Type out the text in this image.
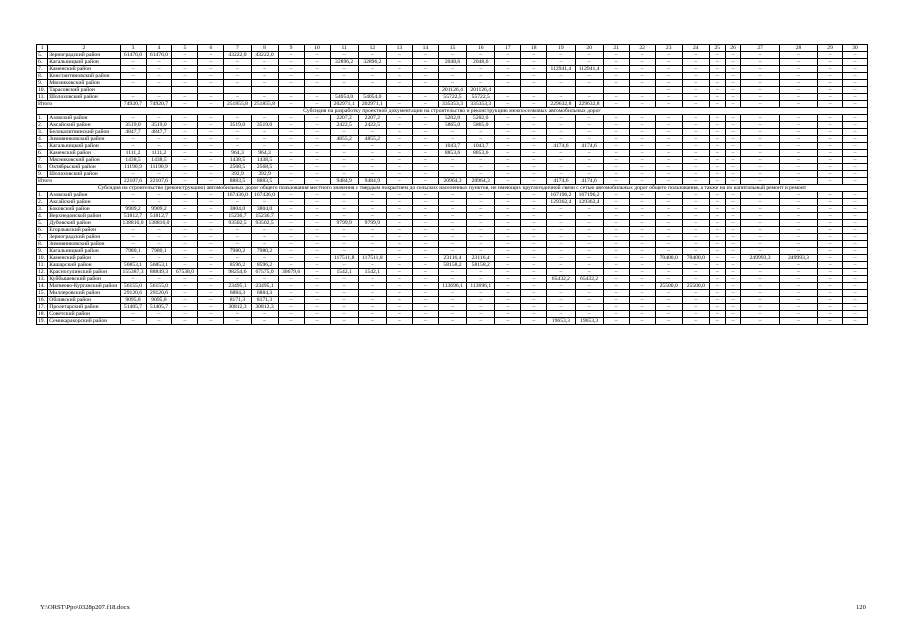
1	2	3	4	5	6	7	8	9	10	11	12	13	14	15	16	17	18	19	20	21	22	23	24	25	26	27	28	29	30
5.	Зерноградский район	61476,0	61476,0	–	–	43222,0	43222,0	–	–	–	–	–	–	–	–	–	–	–	–	–	–	–	–	–	–	–	–	–	–
6.	Кагальницкий район	–	–	–	–	–	–	–	–	32896,2	32896,2	–	–	2048,6	2048,6	–	–	–	–	–	–	–	–	–	–	–	–	–	–
7.	Каменский район	–	–	–	–	–	–	–	–	–	–	–	–	–	–	–	–	112941,4	112941,4	–	–	–	–	–	–	–	–	–	–
8.	Константиновский район	–	–	–	–	–	–	–	–	–	–	–	–	–	–	–	–	–	–	–	–	–	–	–	–	–	–	–	–
9.	Мясниковский район	–	–	–	–	–	–	–	–	–	–	–	–	–	–	–	–	–	–	–	–	–	–	–	–	–	–	–	–
10.	Тарасовский район													201126,4	201126,4							–	–	–	–	–	–	–	–
11.	Шолоховский район	–	–	–	–	–	–	–	–	54054,0	54054,0	–	–	55722,5	55722,5	–	–	–	–	–	–	–	–	–	–	–	–	–	–
Итого		74920,7	74920,7	–	–	251855,8	251855,8	–	–	202971,1	202971,1	–	–	335353,3	335353,3	–	–	229632,8	229632,8	–	–	–	–	–	–	–	–	–	–
Субсидия на разработку проектной документации на строительство и реконструкцию межпоселковых автомобильных дорог																													
1.	Азовский район	–	–	–	–	–	–	–	–	2207,2	2207,2	–	–	5202,0	5202,0	–	–	–	–	–	–	–	–	–	–	–	–	–	–
2.	Аксайский район	3519,0	3519,0	–	–	3519,0	3519,0	–	–	2422,5	2422,5	–	–	5865,0	5865,0	–	–	–	–	–	–	–	–	–	–	–	–	–	–
3.	Белокалитвинский район	4847,7	4847,7	–	–	–	–	–	–	–	–	–	–	–	–	–	–	–	–	–	–	–	–	–	–	–	–	–	–
4.	Зимовниковский район	–	–	–	–	–	–	–	–	4855,2	4855,2	–	–	–	–	–	–	–	–	–	–	–	–	–	–	–	–	–	–
5.	Кагальницкий район	–	–	–	–	–	–	–	–	–	–	–	–	1043,7	1043,7	–	–	4174,6	4174,6	–	–	–	–	–	–	–	–	–	–
6.	Каменский район	1111,2	1111,2	–	–	964,3	964,3	–	–	–	–	–	–	8853,6	8853,6	–	–	–	–	–	–	–	–	–	–	–	–	–	–
7.	Мясниковский район	1438,5	1438,5	–	–	1438,5	1438,5	–	–	–	–	–	–	–	–	–	–	–	–	–	–	–	–	–	–	–	–	–	–
8.	Октябрьский район	11190,9	11190,9	–	–	2568,5	2568,5	–	–	–	–	–	–	–	–	–	–	–	–	–	–	–	–	–	–	–	–	–	–
9.	Шолоховский район	–	–	–	–	392,9	392,9	–	–	–	–	–	–	–	–	–	–	–	–	–	–	–	–	–	–	–	–	–	–
Итого		22107,6	22107,6	–	–	8883,5	8883,5	–	–	9484,9	9484,9	–	–	20964,3	20964,3	–	–	4174,6	4174,6	–	–	–	–	–	–	–	–	–	–
Субсидия на строительство (реконструкцию) автомобильных дорог общего пользования местного значения с твердым покрытием до сельских населенных пунктов, не имеющих круглогодичной связи с сетью автомобильных дорог общего пользования, а также на их капитальный ремонт и ремонт																													
1.	Азовский район	–	–	–	–	167436,0	167436,0	–	–	–	–	–	–	–	–	–	–	167196,2	167196,2	–	–	–	–	–	–	–	–	–	–
2.	Аксайский район	–	–	–	–	–	–	–	–	–	–	–	–	–	–	–	–	129362,4	129362,4	–	–	–	–	–	–	–	–	–	–
3.	Боковский район	9909,2	9909,2	–	–	3804,0	3804,0	–	–	–	–	–	–	–	–	–	–	–	–	–	–	–	–	–	–	–	–	–	–
4.	Верхнедонской район	51812,7	51812,7	–	–	15236,7	15236,7	–	–	–	–	–	–	–	–	–	–	–	–	–	–	–	–	–	–	–	–	–	–
5.	Дубовский район	138816,0	138816,0	–	–	93502,5	93502,5	–	–	9799,9	9799,9	–	–	–	–	–	–	–	–	–	–	–	–	–	–	–	–	–	–
6.	Егорлыкский район	–	–	–	–	–	–	–	–	–	–	–	–	–	–	–	–	–	–	–	–	–	–	–	–	–	–	–	–
7.	Зерноградский район	–	–	–	–	–	–	–	–	–	–	–	–	–	–	–	–	–	–	–	–	–	–	–	–	–	–	–	–
8.	Зимовниковский район	–	–	–	–	–	–	–	–	–	–	–	–	–	–	–	–	–	–	–	–	–	–	–	–	–	–	–	–
9.	Кагальницкий район	7980,1	7980,1	–	–	7980,2	7980,2	–	–	–	–	–	–	–	–	–	–	–	–	–	–	–	–	–	–	–	–	–	–
10.	Каменский район	–	–	–	–	–	–	–	–	117511,8	117511,8	–	–	23116,4	23116,4	–	–	–	–	–	–	70400,0	70400,0	–	–	249993,3	249993,3	–	–
11.	Кашарский район	56853,1	56853,1	–	–	8596,2	8596,2	–	–	–	–	–	–	58158,2	58158,2	–	–	–	–	–	–	–	–	–	–	–	–	–	–
12.	Красносулинский район	155387,3	88849,3	67538,0	–	98254,6	67575,0	30679,6	–	1542,1	1542,1	–	–	–	–	–	–	–	–	–	–	–	–	–	–	–	–	–	–
13.	Куйбышевский район	–	–	–	–	–	–	–	–	–	–	–	–	–	–	–	–	65432,2	65432,2	–	–	–	–	–	–	–	–	–	–
14.	Матвеево-Курганский район	56155,0	56155,0	–	–	23495,1	23495,1	–	–	–	–	–	–	113696,1	113696,1	–	–	–	–	–	–	25500,0	25500,0	–	–	–	–	–	–
15.	Миллеровский район	29120,6	29120,6	–	–	6884,3	6884,3	–	–	–	–	–	–	–	–	–	–	–	–	–	–	–	–	–	–	–	–	–	–
16.	Обливский район	9095,8	9095,8	–	–	8171,3	8171,3	–	–	–	–	–	–	–	–	–	–	–	–	–	–	–	–	–	–	–	–	–	–
17.	Пролетарский район	51405,7	51405,7	–	–	30812,3	30812,3	–	–	–	–	–	–	–	–	–	–	–	–	–	–	–	–	–	–	–	–	–	–
18.	Советский район	–	–	–	–	–	–	–	–	–	–	–	–	–	–	–	–	–	–	–	–	–	–	–	–	–	–	–	–
19.	Семикаракорский район	–	–	–	–	–	–	–	–	–	–	–	–	–	–	–	–	19653,3	19653,3	–	–	–	–	–	–	–	–	–	–
Y:\ORST\Ppo\0328p207.f18.docx	120
